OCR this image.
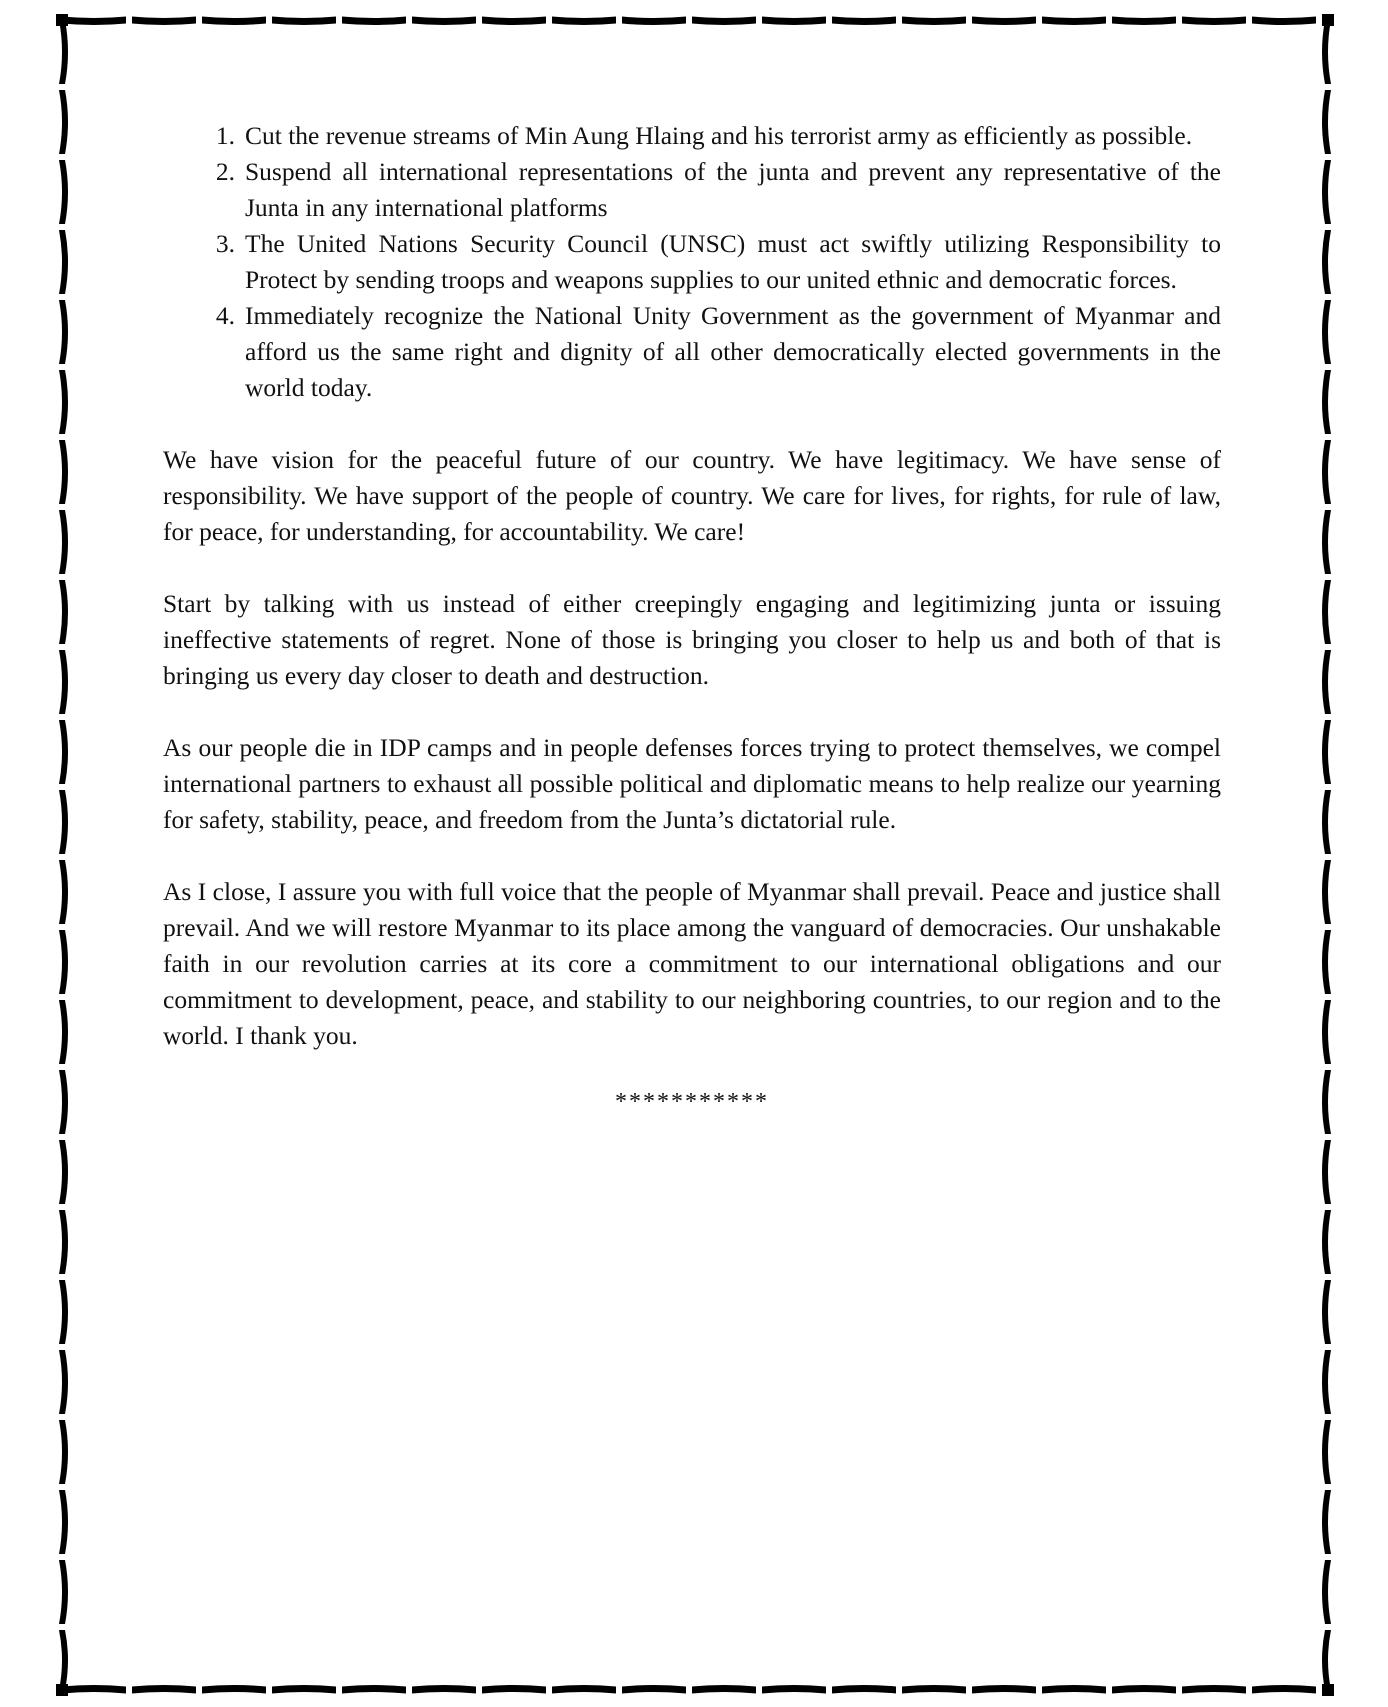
1. Cut the revenue streams of Min Aung Hlaing and his terrorist army as efficiently as possible.
2. Suspend all international representations of the junta and prevent any representative of the Junta in any international platforms
3. The United Nations Security Council (UNSC) must act swiftly utilizing Responsibility to Protect by sending troops and weapons supplies to our united ethnic and democratic forces.
4. Immediately recognize the National Unity Government as the government of Myanmar and afford us the same right and dignity of all other democratically elected governments in the world today.

We have vision for the peaceful future of our country. We have legitimacy. We have sense of responsibility. We have support of the people of country. We care for lives, for rights, for rule of law, for peace, for understanding, for accountability. We care!

Start by talking with us instead of either creepingly engaging and legitimizing junta or issuing ineffective statements of regret. None of those is bringing you closer to help us and both of that is bringing us every day closer to death and destruction.

As our people die in IDP camps and in people defenses forces trying to protect themselves, we compel international partners to exhaust all possible political and diplomatic means to help realize our yearning for safety, stability, peace, and freedom from the Junta’s dictatorial rule.

As I close, I assure you with full voice that the people of Myanmar shall prevail. Peace and justice shall prevail. And we will restore Myanmar to its place among the vanguard of democracies. Our unshakable faith in our revolution carries at its core a commitment to our international obligations and our commitment to development, peace, and stability to our neighboring countries, to our region and to the world. I thank you.

***********
